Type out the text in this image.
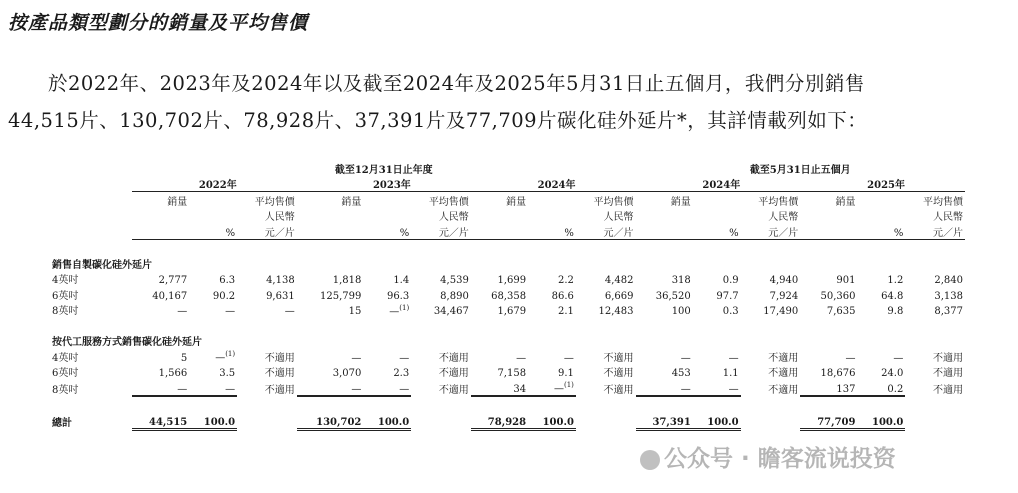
按產品類型劃分的銷量及平均售價
於2022年、2023年及2024年以及截至2024年及2025年5月31日止五個月，我們分別銷售
44,515片、130,702片、78,928片、37,391片及77,709片碳化硅外延片*，其詳情載列如下：
	截至12月31日止年度									截至5月31日止五個月					
	2022年			2023年			2024年			2024年			2025年		
	銷量		平均售價	銷量		平均售價	銷量		平均售價	銷量		平均售價	銷量		平均售價
			人民幣			人民幣			人民幣			人民幣			人民幣
		%	元／片		%	元／片		%	元／片		%	元／片		%	元／片

銷售自製碳化硅外延片															
4英吋	2,777	6.3	4,138	1,818	1.4	4,539	1,699	2.2	4,482	318	0.9	4,940	901	1.2	2,840
6英吋	40,167	90.2	9,631	125,799	96.3	8,890	68,358	86.6	6,669	36,520	97.7	7,924	50,360	64.8	3,138
8英吋	—	—	—	15	—$^{(1)}$	34,467	1,679	2.1	12,483	100	0.3	17,490	7,635	9.8	8,377

按代工服務方式銷售碳化硅外延片															
4英吋	5	—$^{(1)}$	不適用	—	—	不適用	—	—	不適用	—	—	不適用	—	—	不適用
6英吋	1,566	3.5	不適用	3,070	2.3	不適用	7,158	9.1	不適用	453	1.1	不適用	18,676	24.0	不適用
8英吋	—	—	不適用	—	—	不適用	34	—$^{(1)}$	不適用	—	—	不適用	137	0.2	不適用

總計	44,515	100.0		130,702	100.0		78,928	100.0		37,391	100.0		77,709	100.0	
公众号 · 瞻客流说投资
